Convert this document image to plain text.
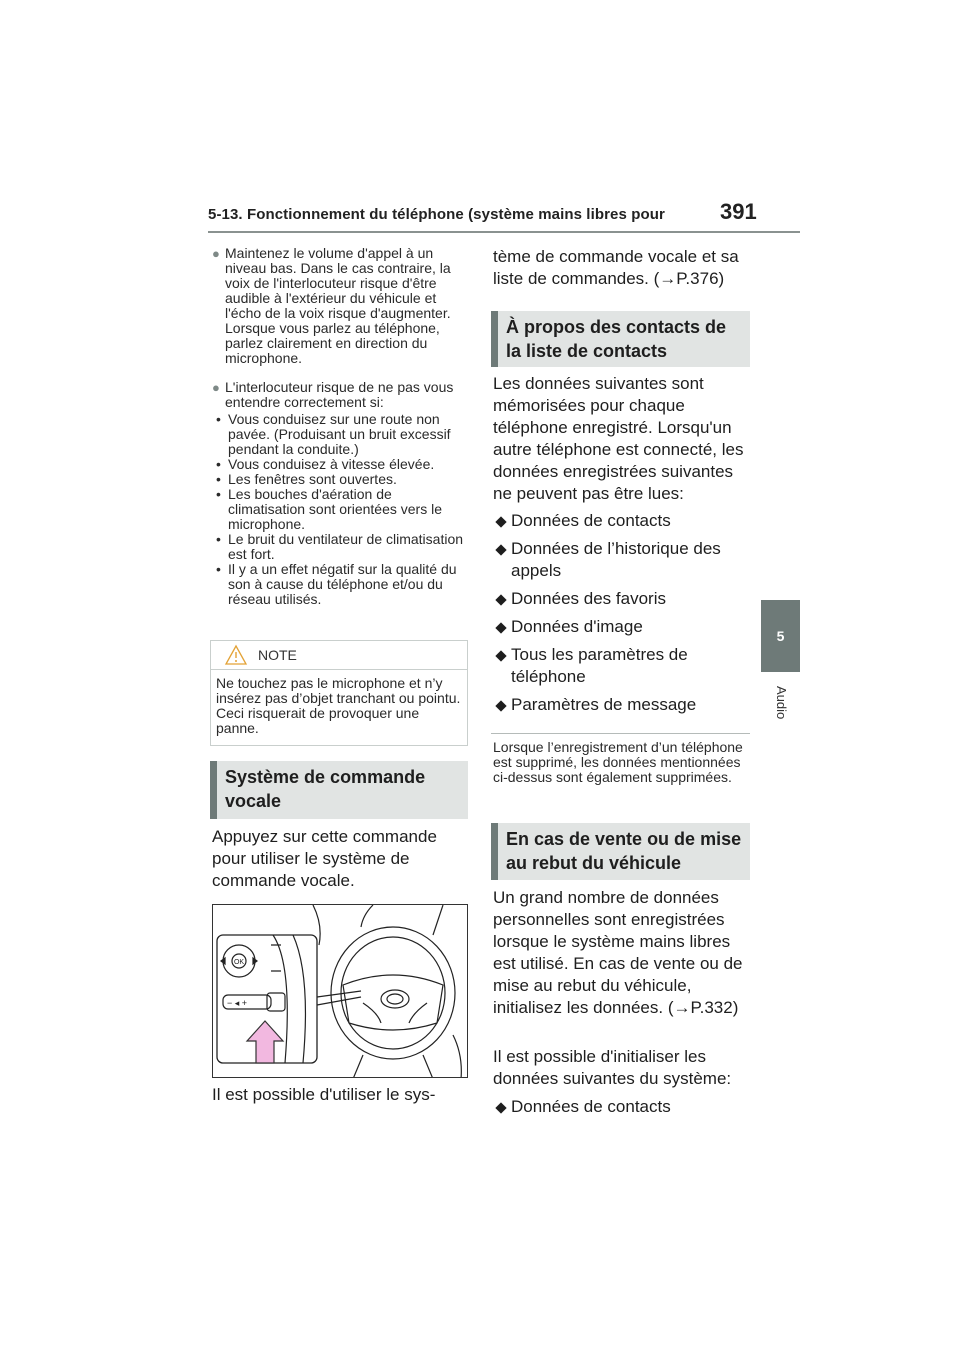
5-13. Fonctionnement du téléphone (système mains libres pour	391
5
Audio
● Maintenez le volume d'appel à un niveau bas. Dans le cas contraire, la voix de l'interlocuteur risque d'être audible à l'extérieur du véhicule et l'écho de la voix risque d'augmenter. Lorsque vous parlez au téléphone, parlez clairement en direction du microphone.
● L'interlocuteur risque de ne pas vous entendre correctement si:
• Vous conduisez sur une route non pavée. (Produisant un bruit excessif pendant la conduite.)
• Vous conduisez à vitesse élevée.
• Les fenêtres sont ouvertes.
• Les bouches d'aération de climatisation sont orientées vers le microphone.
• Le bruit du ventilateur de climatisation est fort.
• Il y a un effet négatif sur la qualité du son à cause du téléphone et/ou du réseau utilisés.
NOTE
Ne touchez pas le microphone et n’y insérez pas d’objet tranchant ou pointu. Ceci risquerait de provoquer une panne.
Système de commande vocale
Appuyez sur cette commande pour utiliser le système de commande vocale.
OK
− ◂ +
Il est possible d'utiliser le sys-
tème de commande vocale et sa liste de commandes. (→P.376)
À propos des contacts de la liste de contacts
Les données suivantes sont mémorisées pour chaque téléphone enregistré. Lorsqu'un autre téléphone est connecté, les données enregistrées suivantes ne peuvent pas être lues:
Données de contacts
Données de l’historique des appels
Données des favoris
Données d'image
Tous les paramètres de téléphone
Paramètres de message
Lorsque l’enregistrement d’un téléphone est supprimé, les données mentionnées ci-dessus sont également supprimées.
En cas de vente ou de mise au rebut du véhicule
Un grand nombre de données personnelles sont enregistrées lorsque le système mains libres est utilisé. En cas de vente ou de mise au rebut du véhicule, initialisez les données. (→P.332)
Il est possible d'initialiser les données suivantes du système:
Données de contacts
